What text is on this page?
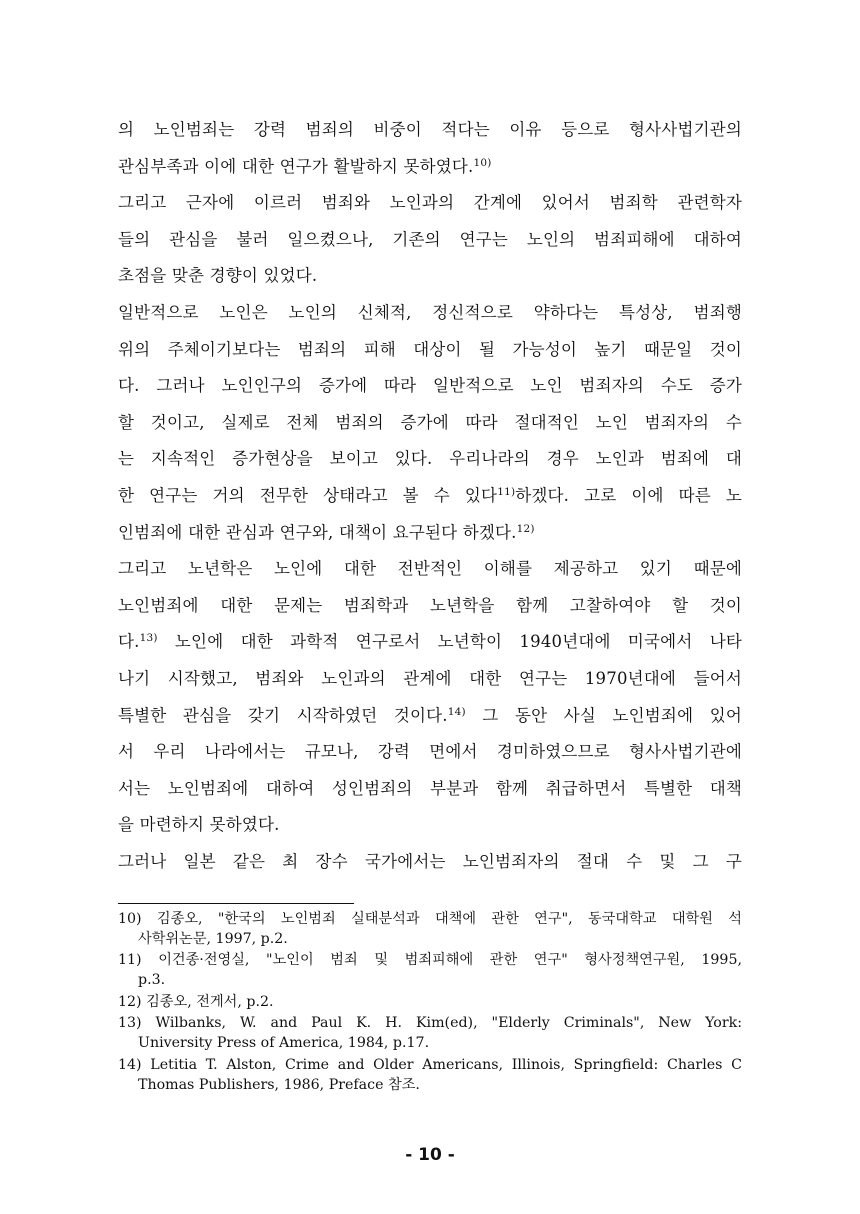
의 노인범죄는 강력 범죄의 비중이 적다는 이유 등으로 형사사법기관의
관심부족과 이에 대한 연구가 활발하지 못하였다.$^{10)}$
그리고 근자에 이르러 범죄와 노인과의 간계에 있어서 범죄학 관련학자
들의 관심을 불러 일으켰으나, 기존의 연구는 노인의 범죄피해에 대하여
초점을 맞춘 경향이 있었다.
일반적으로 노인은 노인의 신체적, 정신적으로 약하다는 특성상, 범죄행
위의 주체이기보다는 범죄의 피해 대상이 될 가능성이 높기 때문일 것이
다. 그러나 노인인구의 증가에 따라 일반적으로 노인 범죄자의 수도 증가
할 것이고, 실제로 전체 범죄의 증가에 따라 절대적인 노인 범죄자의 수
는 지속적인 증가현상을 보이고 있다. 우리나라의 경우 노인과 범죄에 대
한 연구는 거의 전무한 상태라고 볼 수 있다$^{11)}$하겠다. 고로 이에 따른 노
인범죄에 대한 관심과 연구와, 대책이 요구된다 하겠다.$^{12)}$
그리고 노년학은 노인에 대한 전반적인 이해를 제공하고 있기 때문에
노인범죄에 대한 문제는 범죄학과 노년학을 함께 고찰하여야 할 것이
다.$^{13)}$ 노인에 대한 과학적 연구로서 노년학이 1940년대에 미국에서 나타
나기 시작했고, 범죄와 노인과의 관계에 대한 연구는 1970년대에 들어서
특별한 관심을 갖기 시작하였던 것이다.$^{14)}$ 그 동안 사실 노인범죄에 있어
서 우리 나라에서는 규모나, 강력 면에서 경미하였으므로 형사사법기관에
서는 노인범죄에 대하여 성인범죄의 부분과 함께 취급하면서 특별한 대책
을 마련하지 못하였다.
그러나 일본 같은 최 장수 국가에서는 노인범죄자의 절대 수 및 그 구
10) 김종오, "한국의 노인범죄 실태분석과 대책에 관한 연구", 동국대학교 대학원 석
사학위논문, 1997, p.2.
11) 이건종·전영실, "노인이 범죄 및 범죄피해에 관한 연구" 형사정책연구원, 1995,
p.3.
12) 김종오, 전게서, p.2.
13) Wilbanks, W. and Paul K. H. Kim(ed), "Elderly Criminals", New York:
University Press of America, 1984, p.17.
14) Letitia T. Alston, Crime and Older Americans, Illinois, Springfield: Charles C
Thomas Publishers, 1986, Preface 참조.
- 10 -
